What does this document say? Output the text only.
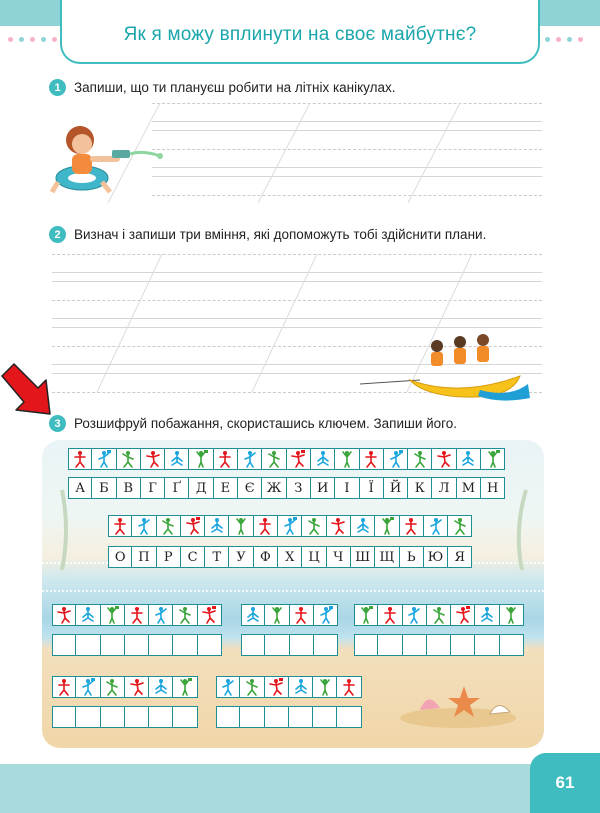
Як я можу вплинути на своє майбутнє?
1 Запиши, що ти плануєш робити на літніх канікулах.
2 Визнач і запиши три вміння, які допоможуть тобі здійснити плани.
3 Розшифруй побажання, скористашись ключем. Запиши його.
А	Б	В	Г	Ґ	Д	Е	Є Ж З	И	І	Ї	Й	К	Л М Н
О П	Р	С	Т	У	Ф	Х	Ц	Ч Ш Щ Ь Ю Я
61
